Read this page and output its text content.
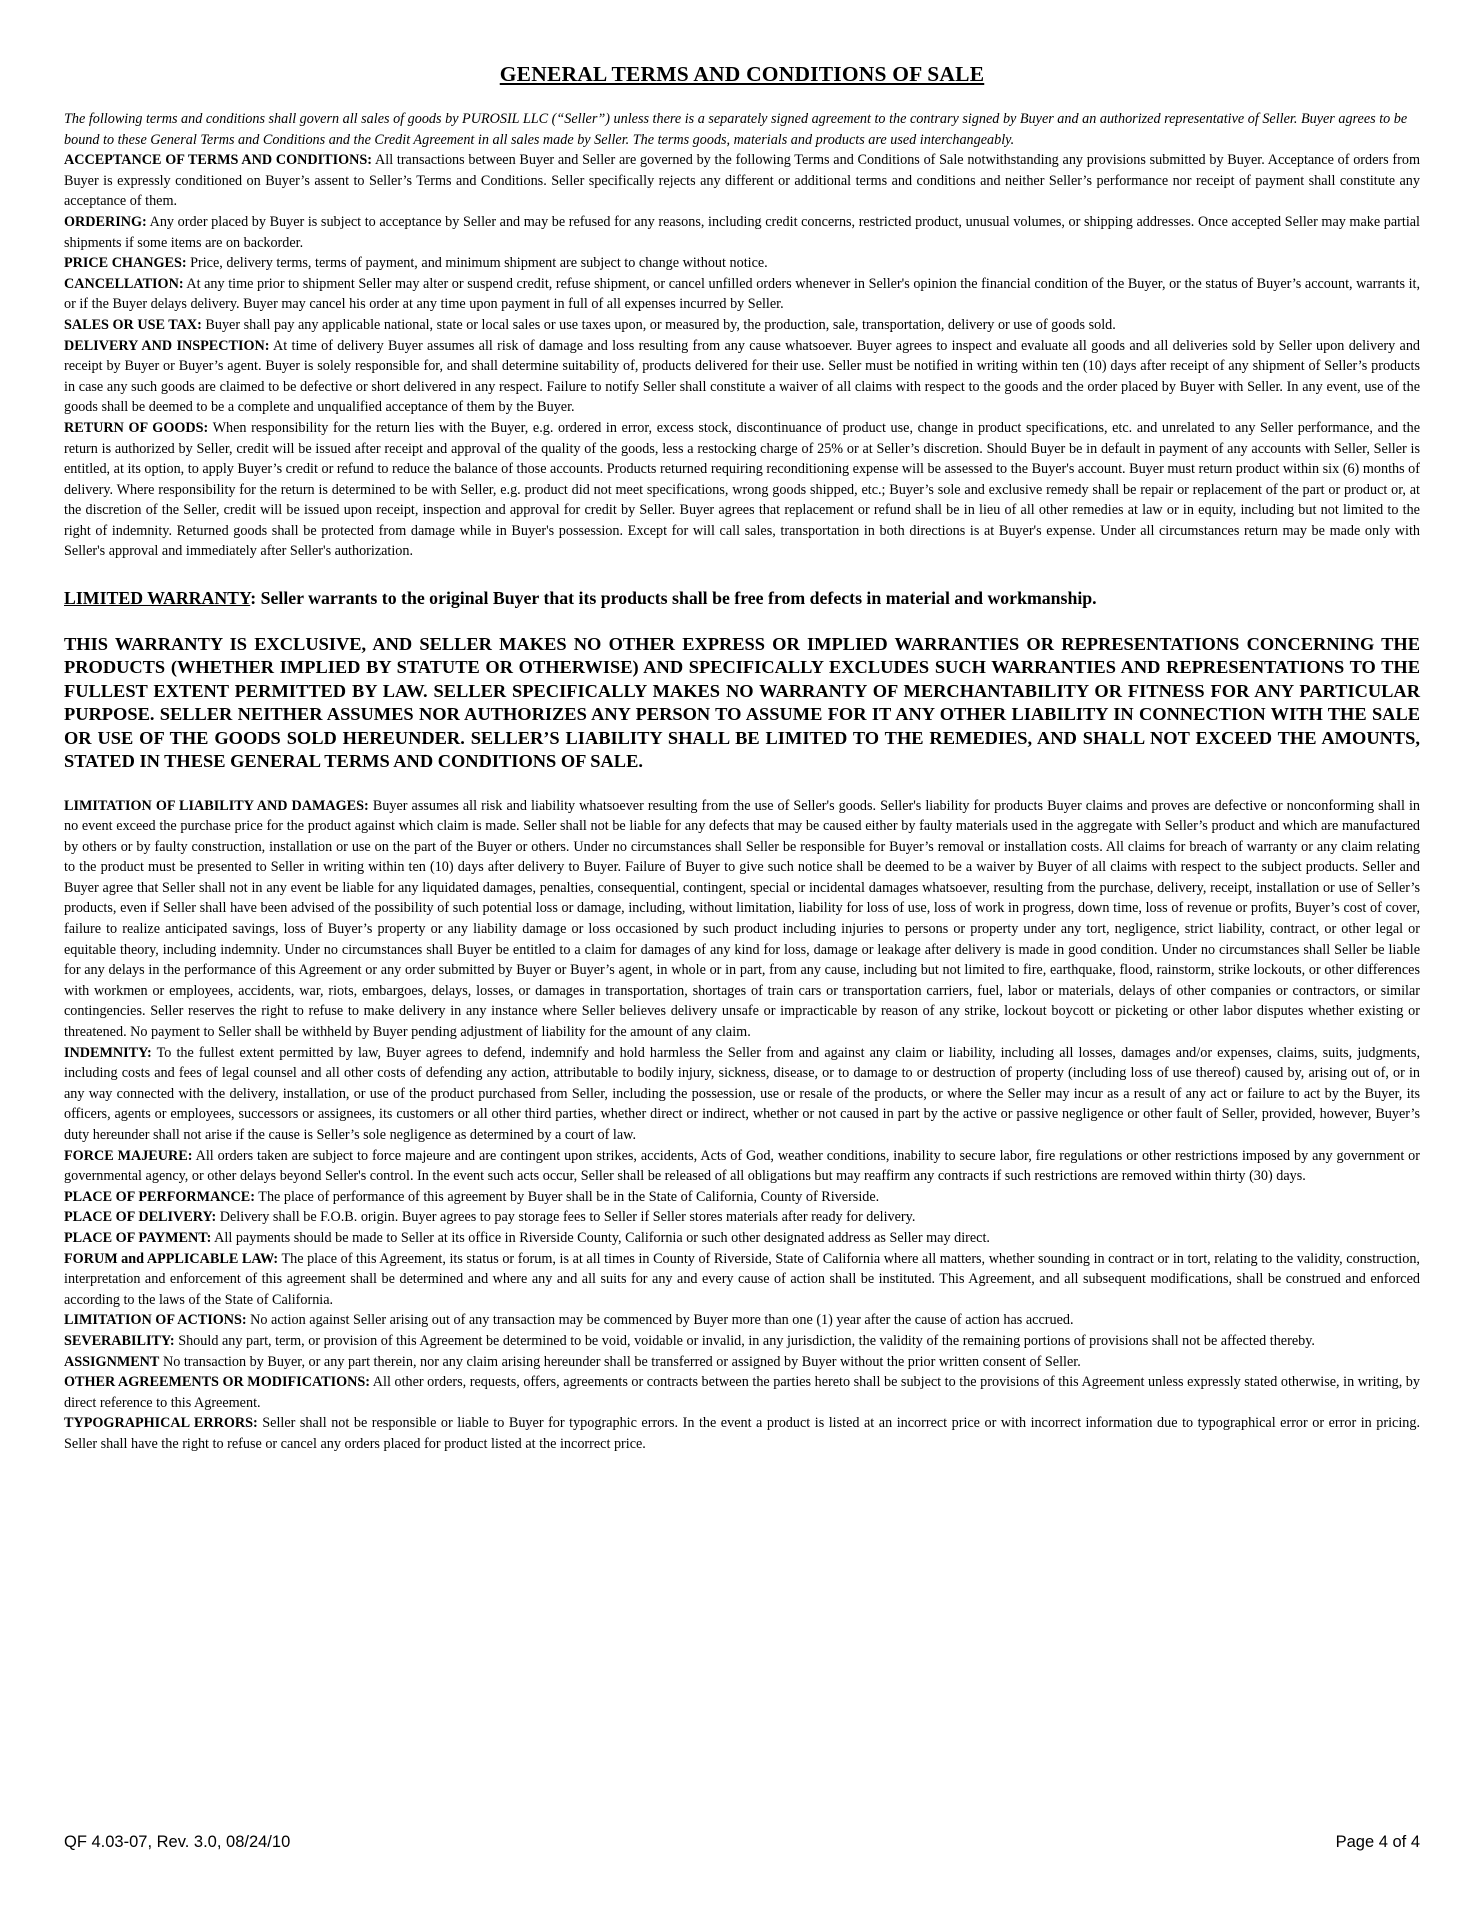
GENERAL TERMS AND CONDITIONS OF SALE

The following terms and conditions shall govern all sales of goods by PUROSIL LLC (“Seller”) unless there is a separately signed agreement to the contrary signed by Buyer and an authorized representative of Seller. Buyer agrees to be bound to these General Terms and Conditions and the Credit Agreement in all sales made by Seller. The terms goods, materials and products are used interchangeably.

ACCEPTANCE OF TERMS AND CONDITIONS: All transactions between Buyer and Seller are governed by the following Terms and Conditions of Sale notwithstanding any provisions submitted by Buyer. Acceptance of orders from Buyer is expressly conditioned on Buyer’s assent to Seller’s Terms and Conditions. Seller specifically rejects any different or additional terms and conditions and neither Seller’s performance nor receipt of payment shall constitute any acceptance of them.

ORDERING: Any order placed by Buyer is subject to acceptance by Seller and may be refused for any reasons, including credit concerns, restricted product, unusual volumes, or shipping addresses. Once accepted Seller may make partial shipments if some items are on backorder.

PRICE CHANGES: Price, delivery terms, terms of payment, and minimum shipment are subject to change without notice.

CANCELLATION: At any time prior to shipment Seller may alter or suspend credit, refuse shipment, or cancel unfilled orders whenever in Seller's opinion the financial condition of the Buyer, or the status of Buyer’s account, warrants it, or if the Buyer delays delivery. Buyer may cancel his order at any time upon payment in full of all expenses incurred by Seller.

SALES OR USE TAX: Buyer shall pay any applicable national, state or local sales or use taxes upon, or measured by, the production, sale, transportation, delivery or use of goods sold.

DELIVERY AND INSPECTION: At time of delivery Buyer assumes all risk of damage and loss resulting from any cause whatsoever. Buyer agrees to inspect and evaluate all goods and all deliveries sold by Seller upon delivery and receipt by Buyer or Buyer’s agent. Buyer is solely responsible for, and shall determine suitability of, products delivered for their use. Seller must be notified in writing within ten (10) days after receipt of any shipment of Seller’s products in case any such goods are claimed to be defective or short delivered in any respect. Failure to notify Seller shall constitute a waiver of all claims with respect to the goods and the order placed by Buyer with Seller. In any event, use of the goods shall be deemed to be a complete and unqualified acceptance of them by the Buyer.

RETURN OF GOODS: When responsibility for the return lies with the Buyer, e.g. ordered in error, excess stock, discontinuance of product use, change in product specifications, etc. and unrelated to any Seller performance, and the return is authorized by Seller, credit will be issued after receipt and approval of the quality of the goods, less a restocking charge of 25% or at Seller’s discretion. Should Buyer be in default in payment of any accounts with Seller, Seller is entitled, at its option, to apply Buyer’s credit or refund to reduce the balance of those accounts. Products returned requiring reconditioning expense will be assessed to the Buyer's account. Buyer must return product within six (6) months of delivery. Where responsibility for the return is determined to be with Seller, e.g. product did not meet specifications, wrong goods shipped, etc.; Buyer’s sole and exclusive remedy shall be repair or replacement of the part or product or, at the discretion of the Seller, credit will be issued upon receipt, inspection and approval for credit by Seller. Buyer agrees that replacement or refund shall be in lieu of all other remedies at law or in equity, including but not limited to the right of indemnity. Returned goods shall be protected from damage while in Buyer's possession. Except for will call sales, transportation in both directions is at Buyer's expense. Under all circumstances return may be made only with Seller's approval and immediately after Seller's authorization.

LIMITED WARRANTY: Seller warrants to the original Buyer that its products shall be free from defects in material and workmanship.

THIS WARRANTY IS EXCLUSIVE, AND SELLER MAKES NO OTHER EXPRESS OR IMPLIED WARRANTIES OR REPRESENTATIONS CONCERNING THE PRODUCTS (WHETHER IMPLIED BY STATUTE OR OTHERWISE) AND SPECIFICALLY EXCLUDES SUCH WARRANTIES AND REPRESENTATIONS TO THE FULLEST EXTENT PERMITTED BY LAW. SELLER SPECIFICALLY MAKES NO WARRANTY OF MERCHANTABILITY OR FITNESS FOR ANY PARTICULAR PURPOSE. SELLER NEITHER ASSUMES NOR AUTHORIZES ANY PERSON TO ASSUME FOR IT ANY OTHER LIABILITY IN CONNECTION WITH THE SALE OR USE OF THE GOODS SOLD HEREUNDER. SELLER’S LIABILITY SHALL BE LIMITED TO THE REMEDIES, AND SHALL NOT EXCEED THE AMOUNTS, STATED IN THESE GENERAL TERMS AND CONDITIONS OF SALE.

LIMITATION OF LIABILITY AND DAMAGES: Buyer assumes all risk and liability whatsoever resulting from the use of Seller's goods. Seller's liability for products Buyer claims and proves are defective or nonconforming shall in no event exceed the purchase price for the product against which claim is made. Seller shall not be liable for any defects that may be caused either by faulty materials used in the aggregate with Seller’s product and which are manufactured by others or by faulty construction, installation or use on the part of the Buyer or others. Under no circumstances shall Seller be responsible for Buyer’s removal or installation costs. All claims for breach of warranty or any claim relating to the product must be presented to Seller in writing within ten (10) days after delivery to Buyer. Failure of Buyer to give such notice shall be deemed to be a waiver by Buyer of all claims with respect to the subject products. Seller and Buyer agree that Seller shall not in any event be liable for any liquidated damages, penalties, consequential, contingent, special or incidental damages whatsoever, resulting from the purchase, delivery, receipt, installation or use of Seller’s products, even if Seller shall have been advised of the possibility of such potential loss or damage, including, without limitation, liability for loss of use, loss of work in progress, down time, loss of revenue or profits, Buyer’s cost of cover, failure to realize anticipated savings, loss of Buyer’s property or any liability damage or loss occasioned by such product including injuries to persons or property under any tort, negligence, strict liability, contract, or other legal or equitable theory, including indemnity. Under no circumstances shall Buyer be entitled to a claim for damages of any kind for loss, damage or leakage after delivery is made in good condition. Under no circumstances shall Seller be liable for any delays in the performance of this Agreement or any order submitted by Buyer or Buyer’s agent, in whole or in part, from any cause, including but not limited to fire, earthquake, flood, rainstorm, strike lockouts, or other differences with workmen or employees, accidents, war, riots, embargoes, delays, losses, or damages in transportation, shortages of train cars or transportation carriers, fuel, labor or materials, delays of other companies or contractors, or similar contingencies. Seller reserves the right to refuse to make delivery in any instance where Seller believes delivery unsafe or impracticable by reason of any strike, lockout boycott or picketing or other labor disputes whether existing or threatened. No payment to Seller shall be withheld by Buyer pending adjustment of liability for the amount of any claim.

INDEMNITY: To the fullest extent permitted by law, Buyer agrees to defend, indemnify and hold harmless the Seller from and against any claim or liability, including all losses, damages and/or expenses, claims, suits, judgments, including costs and fees of legal counsel and all other costs of defending any action, attributable to bodily injury, sickness, disease, or to damage to or destruction of property (including loss of use thereof) caused by, arising out of, or in any way connected with the delivery, installation, or use of the product purchased from Seller, including the possession, use or resale of the products, or where the Seller may incur as a result of any act or failure to act by the Buyer, its officers, agents or employees, successors or assignees, its customers or all other third parties, whether direct or indirect, whether or not caused in part by the active or passive negligence or other fault of Seller, provided, however, Buyer’s duty hereunder shall not arise if the cause is Seller’s sole negligence as determined by a court of law.

FORCE MAJEURE: All orders taken are subject to force majeure and are contingent upon strikes, accidents, Acts of God, weather conditions, inability to secure labor, fire regulations or other restrictions imposed by any government or governmental agency, or other delays beyond Seller's control. In the event such acts occur, Seller shall be released of all obligations but may reaffirm any contracts if such restrictions are removed within thirty (30) days.

PLACE OF PERFORMANCE: The place of performance of this agreement by Buyer shall be in the State of California, County of Riverside.

PLACE OF DELIVERY: Delivery shall be F.O.B. origin. Buyer agrees to pay storage fees to Seller if Seller stores materials after ready for delivery.

PLACE OF PAYMENT: All payments should be made to Seller at its office in Riverside County, California or such other designated address as Seller may direct.

FORUM and APPLICABLE LAW: The place of this Agreement, its status or forum, is at all times in County of Riverside, State of California where all matters, whether sounding in contract or in tort, relating to the validity, construction, interpretation and enforcement of this agreement shall be determined and where any and all suits for any and every cause of action shall be instituted. This Agreement, and all subsequent modifications, shall be construed and enforced according to the laws of the State of California.

LIMITATION OF ACTIONS: No action against Seller arising out of any transaction may be commenced by Buyer more than one (1) year after the cause of action has accrued.

SEVERABILITY: Should any part, term, or provision of this Agreement be determined to be void, voidable or invalid, in any jurisdiction, the validity of the remaining portions of provisions shall not be affected thereby.

ASSIGNMENT No transaction by Buyer, or any part therein, nor any claim arising hereunder shall be transferred or assigned by Buyer without the prior written consent of Seller.

OTHER AGREEMENTS OR MODIFICATIONS: All other orders, requests, offers, agreements or contracts between the parties hereto shall be subject to the provisions of this Agreement unless expressly stated otherwise, in writing, by direct reference to this Agreement.

TYPOGRAPHICAL ERRORS: Seller shall not be responsible or liable to Buyer for typographic errors. In the event a product is listed at an incorrect price or with incorrect information due to typographical error or error in pricing. Seller shall have the right to refuse or cancel any orders placed for product listed at the incorrect price.

QF 4.03-07, Rev. 3.0, 08/24/10	Page 4 of 4
